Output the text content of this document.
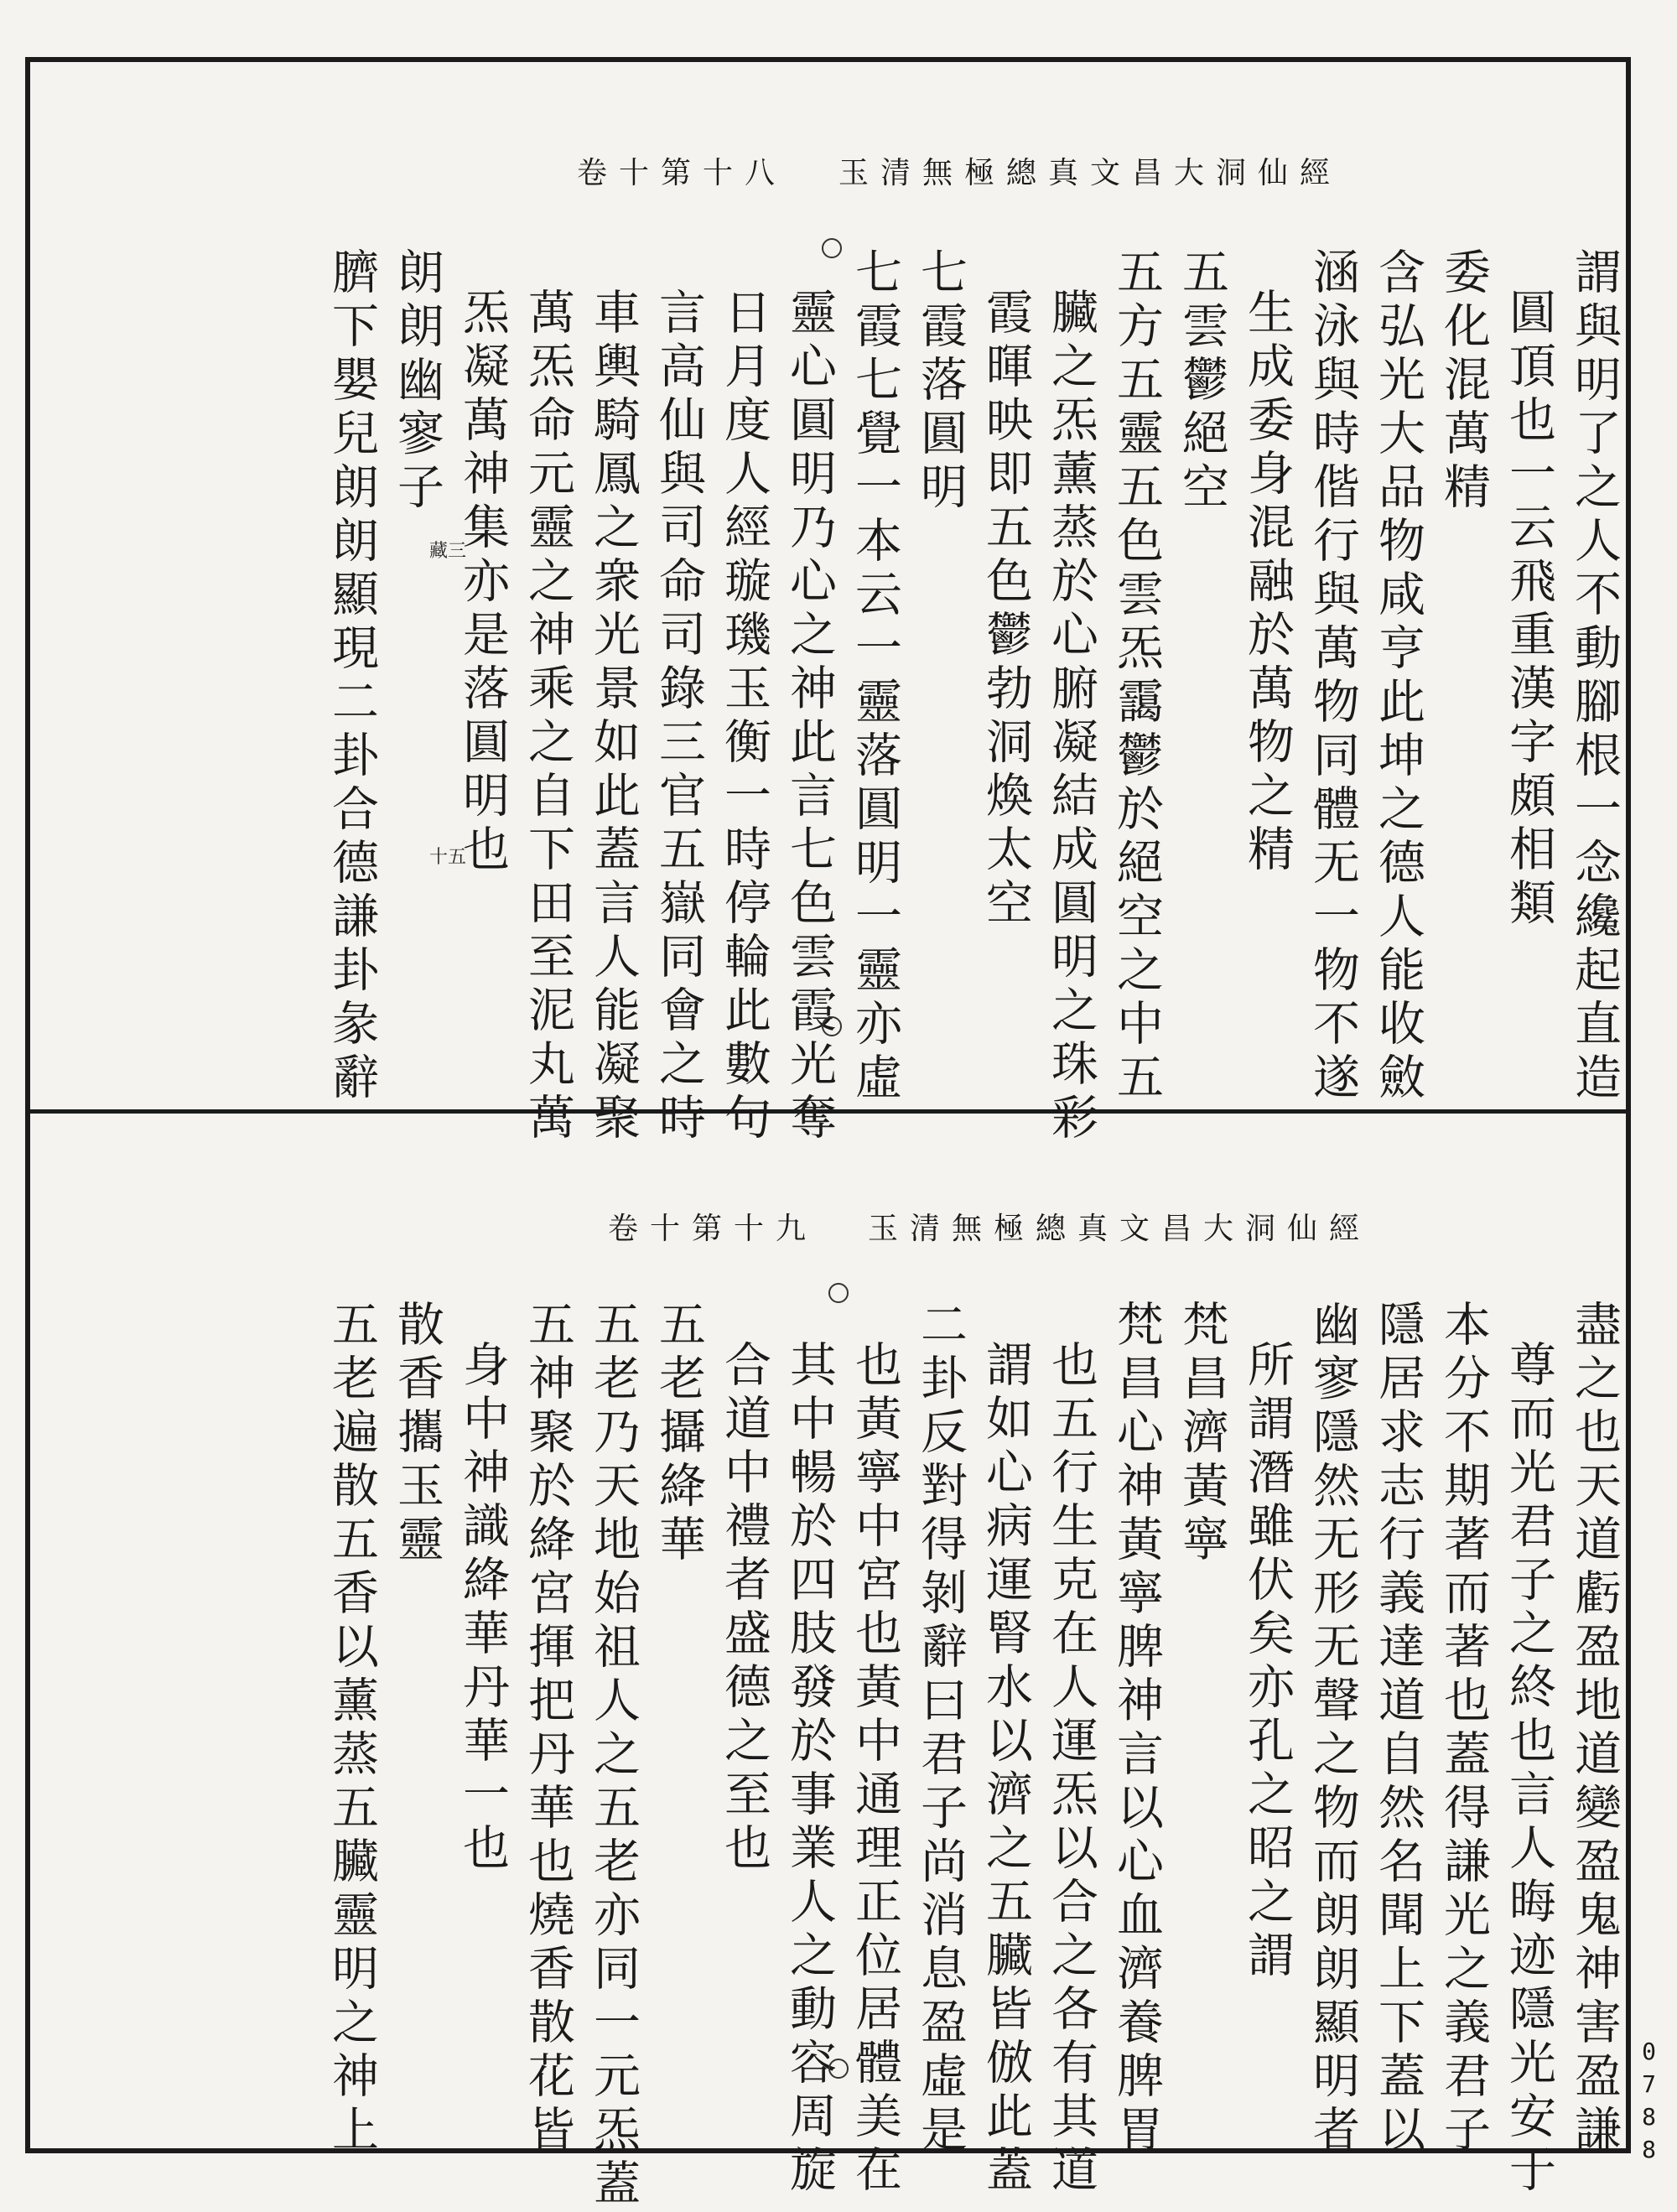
卷十第十八 玉清無極總真文昌大洞仙經
謂與明了之人不動腳根一念纔起直造
圓頂也一云飛重漢字頗相類
委化混萬精
含弘光大品物咸亨此坤之德人能收斂
涵泳與時偕行與萬物同體无一物不遂
生成委身混融於萬物之精
五雲鬱絕空
五方五靈五色雲炁靄鬱於絕空之中五
臟之炁薰蒸於心腑凝結成圓明之珠彩
霞暉映即五色鬱勃洞煥太空
七霞落圓明
七霞七覺一本云一靈落圓明一靈亦虛
靈心圓明乃心之神此言七色雲霞光奪
日月度人經璇璣玉衡一時停輪此數句
言高仙與司命司錄三官五嶽同會之時
車輿騎鳳之衆光景如此蓋言人能凝聚
萬炁命元靈之神乘之自下田至泥丸萬
炁凝萬神集亦是落圓明也
朗朗幽寥子
臍下嬰兒朗朗顯現二卦合德謙卦彖辭	十五
藏三
卷十第十九 玉清無極總真文昌大洞仙經
盡之也天道虧盈地道變盈鬼神害盈謙
尊而光君子之終也言人晦迹隱光安于
本分不期著而著也蓋得謙光之義君子
隱居求志行義達道自然名聞上下蓋以
幽寥隱然无形无聲之物而朗朗顯明者
所謂潛雖伏矣亦孔之昭之謂
梵昌濟黃寧
梵昌心神黃寧脾神言以心血濟養脾胃
也五行生克在人運炁以合之各有其道
謂如心病運腎水以濟之五臟皆倣此蓋
二卦反對得剝辭曰君子尚消息盈虛是
也黃寧中宮也黃中通理正位居體美在
其中暢於四肢發於事業人之動容周旋
合道中禮者盛德之至也
五老攝絳華
五老乃天地始祖人之五老亦同一元炁蓋
五神聚於絳宮揮把丹華也燒香散花皆
身中神識絳華丹華一也
散香攜玉靈
五老遍散五香以薰蒸五臟靈明之神上	0788
